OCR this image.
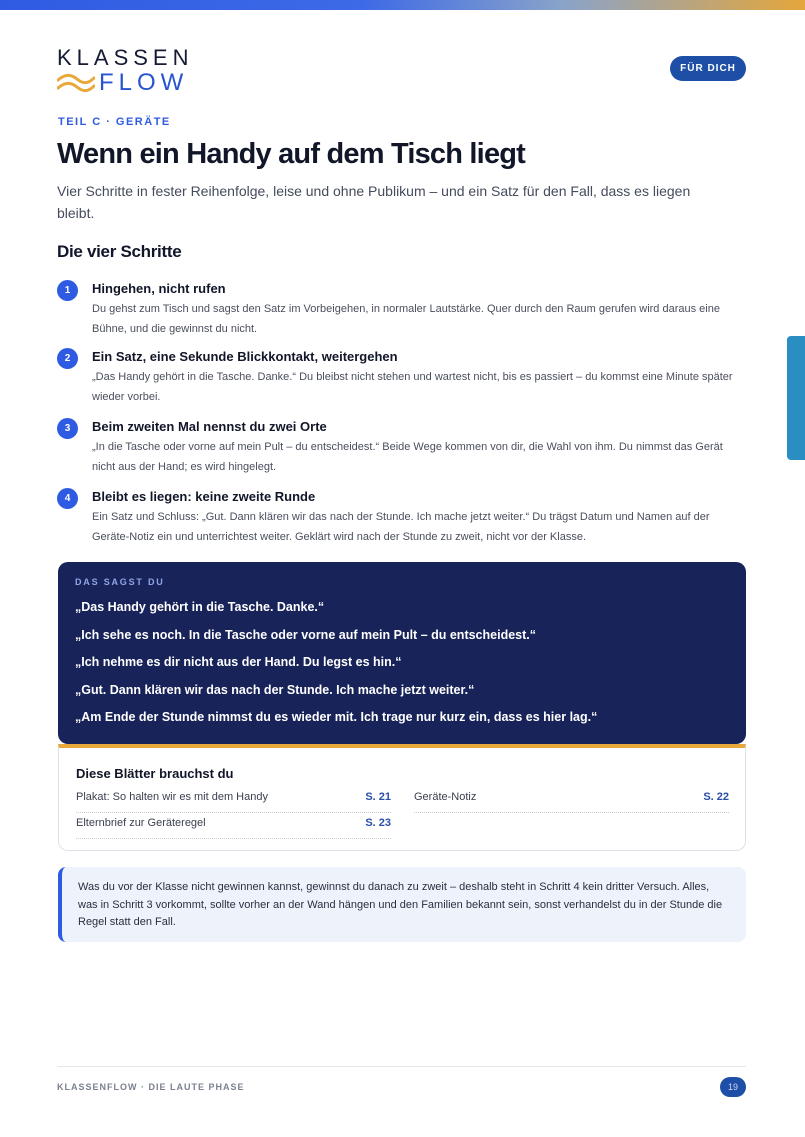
KLASSEN
FLOW
FÜR DICH
TEIL C · GERÄTE
Wenn ein Handy auf dem Tisch liegt

Vier Schritte in fester Reihenfolge, leise und ohne Publikum – und ein Satz für den Fall, dass es liegen bleibt.

Die vier Schritte
1	Hingehen, nicht rufen
Du gehst zum Tisch und sagst den Satz im Vorbeigehen, in normaler Lautstärke. Quer durch den Raum gerufen wird daraus eine Bühne, und die gewinnst du nicht.
2	Ein Satz, eine Sekunde Blickkontakt, weitergehen
„Das Handy gehört in die Tasche. Danke.“ Du bleibst nicht stehen und wartest nicht, bis es passiert – du kommst eine Minute später wieder vorbei.
3	Beim zweiten Mal nennst du zwei Orte
„In die Tasche oder vorne auf mein Pult – du entscheidest.“ Beide Wege kommen von dir, die Wahl von ihm. Du nimmst das Gerät nicht aus der Hand; es wird hingelegt.
4	Bleibt es liegen: keine zweite Runde
Ein Satz und Schluss: „Gut. Dann klären wir das nach der Stunde. Ich mache jetzt weiter.“ Du trägst Datum und Namen auf der Geräte-Notiz ein und unterrichtest weiter. Geklärt wird nach der Stunde zu zweit, nicht vor der Klasse.
DAS SAGST DU
„Das Handy gehört in die Tasche. Danke.“
„Ich sehe es noch. In die Tasche oder vorne auf mein Pult – du entscheidest.“
„Ich nehme es dir nicht aus der Hand. Du legst es hin.“
„Gut. Dann klären wir das nach der Stunde. Ich mache jetzt weiter.“
„Am Ende der Stunde nimmst du es wieder mit. Ich trage nur kurz ein, dass es hier lag.“
Diese Blätter brauchst du
Plakat: So halten wir es mit dem Handy	S. 21 Geräte-Notiz	S. 22
Elternbrief zur Geräteregel	S. 23

Was du vor der Klasse nicht gewinnen kannst, gewinnst du danach zu zweit – deshalb steht in Schritt 4 kein dritter Versuch. Alles, was in Schritt 3 vorkommt, sollte vorher an der Wand hängen und den Familien bekannt sein, sonst verhandelst du in der Stunde die Regel statt den Fall.

KLASSENFLOW · DIE LAUTE PHASE	19
